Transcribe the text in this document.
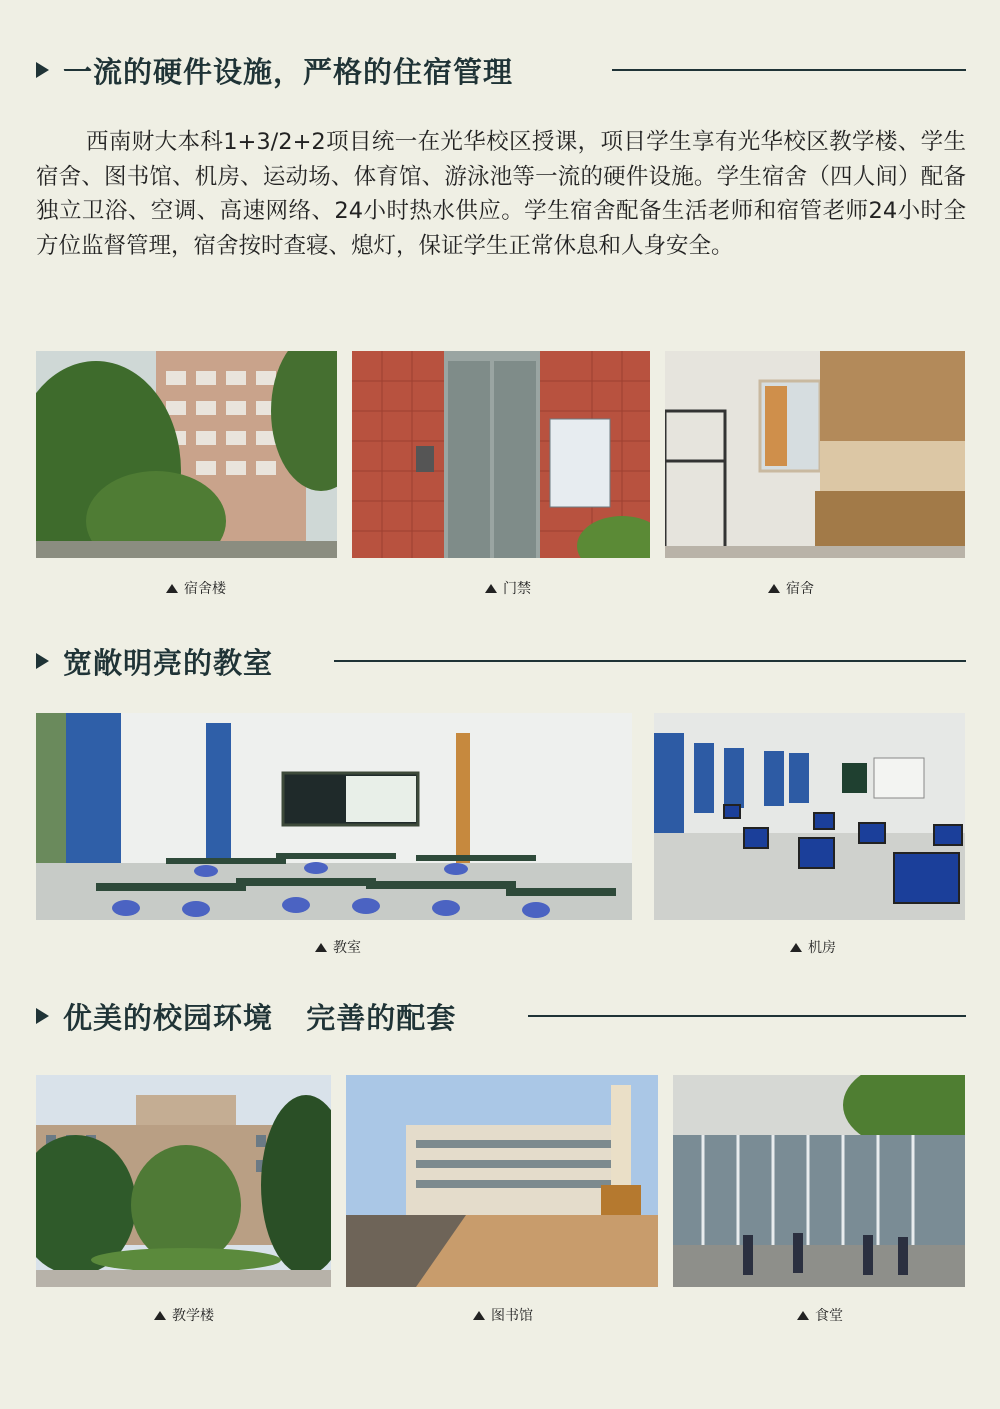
一流的硬件设施，严格的住宿管理
西南财大本科1+3/2+2项目统一在光华校区授课，项目学生享有光华校区教学楼、学生宿舍、图书馆、机房、运动场、体育馆、游泳池等一流的硬件设施。学生宿舍（四人间）配备独立卫浴、空调、高速网络、24小时热水供应。学生宿舍配备生活老师和宿管老师24小时全方位监督管理，宿舍按时查寝、熄灯，保证学生正常休息和人身安全。
宿舍楼	门禁	宿舍
宽敞明亮的教室
教室	机房
优美的校园环境   完善的配套
教学楼	图书馆	食堂
